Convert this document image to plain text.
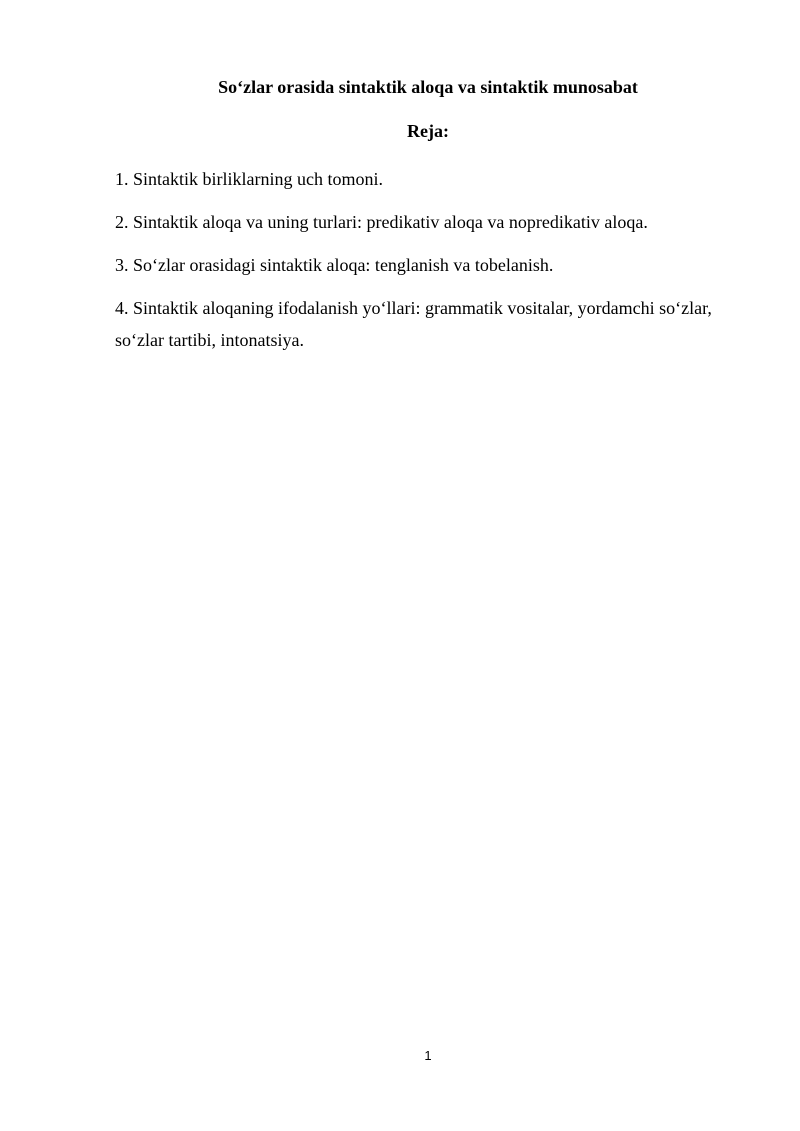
So‘zlar orasida sintaktik aloqa va sintaktik munosabat
Reja:
1. Sintaktik birliklarning uch tomoni.
2. Sintaktik aloqa va uning turlari: predikativ aloqa va nopredikativ aloqa.
3. So‘zlar orasidagi sintaktik aloqa: tenglanish va tobelanish.
4. Sintaktik aloqaning ifodalanish yo‘llari: grammatik vositalar, yordamchi so‘zlar, so‘zlar tartibi, intonatsiya.
1
